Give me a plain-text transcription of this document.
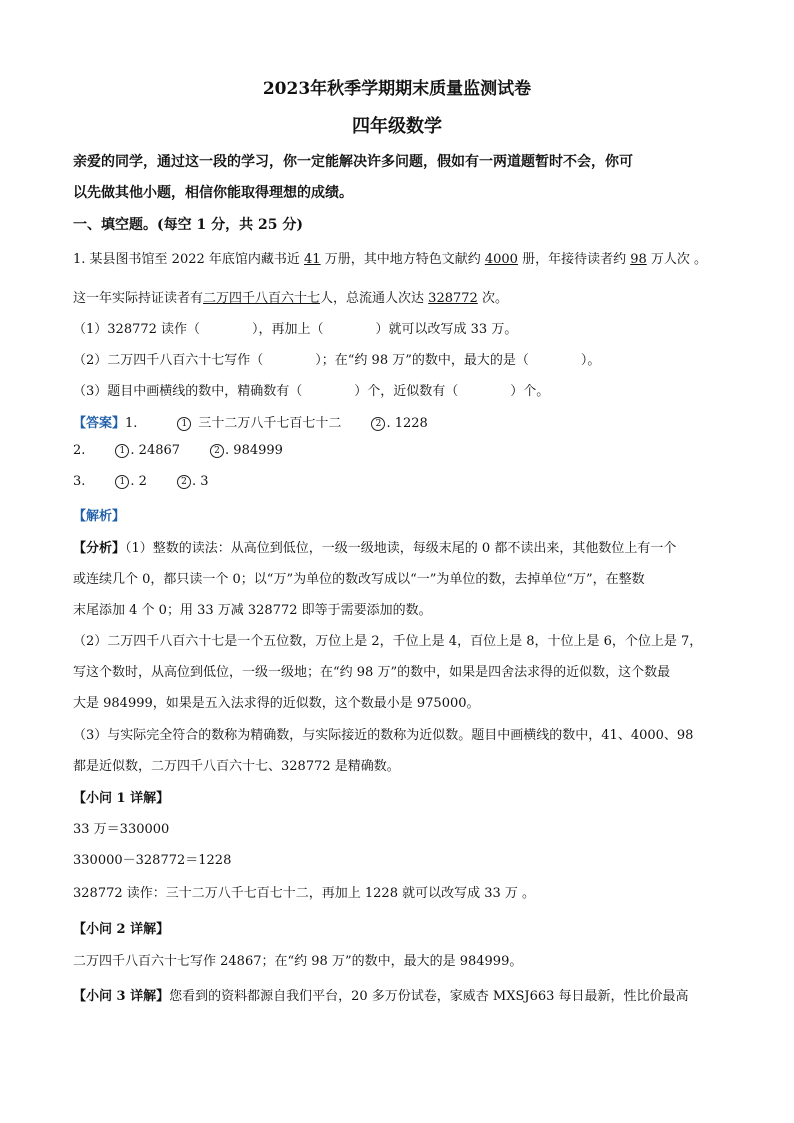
2023年秋季学期期末质量监测试卷
四年级数学
亲爱的同学，通过这一段的学习，你一定能解决许多问题，假如有一两道题暂时不会，你可
以先做其他小题，相信你能取得理想的成绩。
一、填空题。(每空 1 分，共 25 分)
1. 某县图书馆至 2022 年底馆内藏书近 41 万册，其中地方特色文献约 4000 册，年接待读者约 98 万人次 。
这一年实际持证读者有二万四千八百六十七人，总流通人次达 328772 次。
（1）328772 读作（　　　　），再加上（　　　　）就可以改写成 33 万。
（2）二万四千八百六十七写作（　　　　）；在“约 98 万”的数中，最大的是（　　　　）。
（3）题目中画横线的数中，精确数有（　　　　）个，近似数有（　　　　）个。
【答案】1.	1 三十二万八千七百七十二	2 . 1228
2.	1 . 24867	2 . 984999
3.	1 . 2	2 . 3
【解析】
【分析】（1）整数的读法：从高位到低位，一级一级地读，每级末尾的 0 都不读出来，其他数位上有一个
或连续几个 0，都只读一个 0；以“万”为单位的数改写成以“一”为单位的数，去掉单位“万”，在整数
末尾添加 4 个 0；用 33 万减 328772 即等于需要添加的数。
（2）二万四千八百六十七是一个五位数，万位上是 2，千位上是 4，百位上是 8，十位上是 6，个位上是 7，
写这个数时，从高位到低位，一级一级地；在“约 98 万”的数中，如果是四舍法求得的近似数，这个数最
大是 984999，如果是五入法求得的近似数，这个数最小是 975000。
（3）与实际完全符合的数称为精确数，与实际接近的数称为近似数。题目中画横线的数中，41、4000、98
都是近似数，二万四千八百六十七、328772 是精确数。
【小问 1 详解】
33 万＝330000
330000－328772＝1228
328772 读作：三十二万八千七百七十二，再加上 1228 就可以改写成 33 万 。
【小问 2 详解】
二万四千八百六十七写作 24867；在“约 98 万”的数中，最大的是 984999。
【小问 3 详解】您看到的资料都源自我们平台，20 多万份试卷，家威杏 MXSJ663 每日最新，性比价最高
